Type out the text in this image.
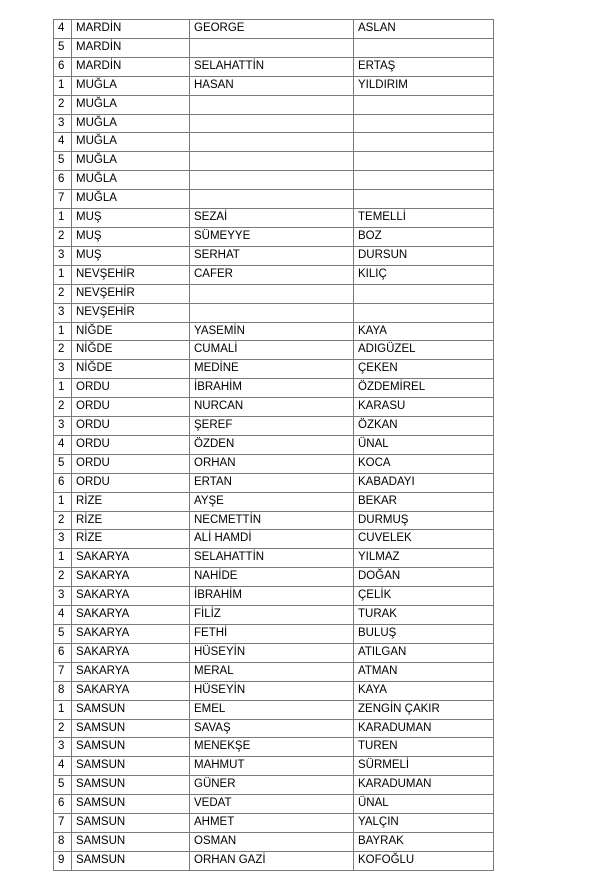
4	MARDİN	GEORGE	ASLAN
5	MARDİN		
6	MARDİN	SELAHATTİN	ERTAŞ
1	MUĞLA	HASAN	YILDIRIM
2	MUĞLA		
3	MUĞLA		
4	MUĞLA		
5	MUĞLA		
6	MUĞLA		
7	MUĞLA		
1	MUŞ	SEZAİ	TEMELLİ
2	MUŞ	SÜMEYYE	BOZ
3	MUŞ	SERHAT	DURSUN
1	NEVŞEHİR	CAFER	KILIÇ
2	NEVŞEHİR		
3	NEVŞEHİR		
1	NİĞDE	YASEMİN	KAYA
2	NİĞDE	CUMALİ	ADIGÜZEL
3	NİĞDE	MEDİNE	ÇEKEN
1	ORDU	İBRAHİM	ÖZDEMİREL
2	ORDU	NURCAN	KARASU
3	ORDU	ŞEREF	ÖZKAN
4	ORDU	ÖZDEN	ÜNAL
5	ORDU	ORHAN	KOCA
6	ORDU	ERTAN	KABADAYI
1	RİZE	AYŞE	BEKAR
2	RİZE	NECMETTİN	DURMUŞ
3	RİZE	ALİ HAMDİ	CUVELEK
1	SAKARYA	SELAHATTİN	YILMAZ
2	SAKARYA	NAHİDE	DOĞAN
3	SAKARYA	İBRAHİM	ÇELİK
4	SAKARYA	FİLİZ	TURAK
5	SAKARYA	FETHİ	BULUŞ
6	SAKARYA	HÜSEYİN	ATILGAN
7	SAKARYA	MERAL	ATMAN
8	SAKARYA	HÜSEYİN	KAYA
1	SAMSUN	EMEL	ZENGİN ÇAKIR
2	SAMSUN	SAVAŞ	KARADUMAN
3	SAMSUN	MENEKŞE	TUREN
4	SAMSUN	MAHMUT	SÜRMELİ
5	SAMSUN	GÜNER	KARADUMAN
6	SAMSUN	VEDAT	ÜNAL
7	SAMSUN	AHMET	YALÇIN
8	SAMSUN	OSMAN	BAYRAK
9	SAMSUN	ORHAN GAZİ	KOFOĞLU
